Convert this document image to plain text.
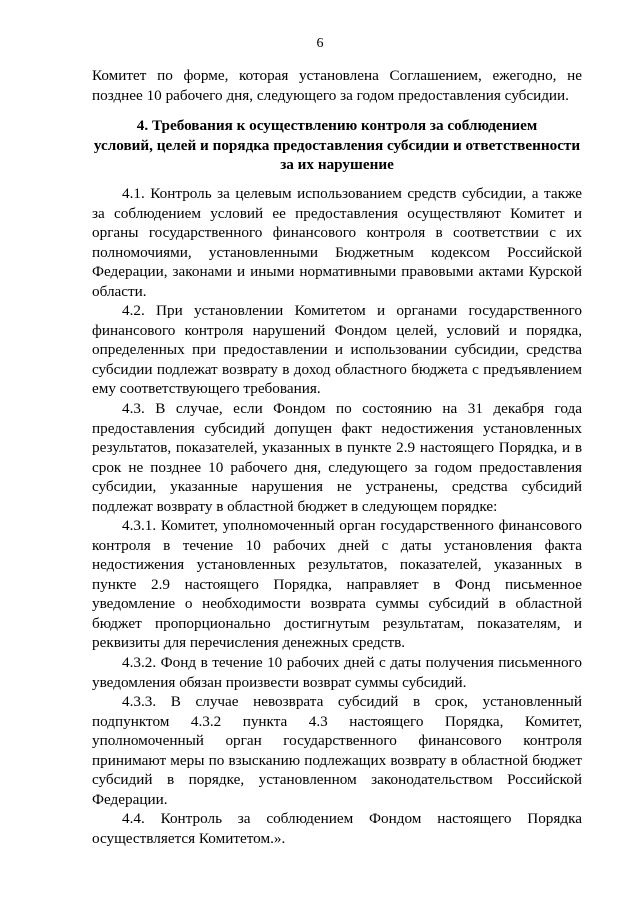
6
Комитет по форме, которая установлена Соглашением, ежегодно, не
позднее 10 рабочего дня, следующего за годом предоставления субсидии.
4. Требования к осуществлению контроля за соблюдением
условий, целей и порядка предоставления субсидии и ответственности
за их нарушение
4.1. Контроль за целевым использованием средств субсидии, а также
за соблюдением условий ее предоставления осуществляют Комитет и
органы государственного финансового контроля в соответствии с их
полномочиями, установленными Бюджетным кодексом Российской
Федерации, законами и иными нормативными правовыми актами Курской
области.
4.2. При установлении Комитетом и органами государственного
финансового контроля нарушений Фондом целей, условий и порядка,
определенных при предоставлении и использовании субсидии, средства
субсидии подлежат возврату в доход областного бюджета с предъявлением
ему соответствующего требования.
4.3. В случае, если Фондом по состоянию на 31 декабря года
предоставления субсидий допущен факт недостижения установленных
результатов, показателей, указанных в пункте 2.9 настоящего Порядка, и в
срок не позднее 10 рабочего дня, следующего за годом предоставления
субсидии, указанные нарушения не устранены, средства субсидий
подлежат возврату в областной бюджет в следующем порядке:
4.3.1. Комитет, уполномоченный орган государственного финансового
контроля в течение 10 рабочих дней с даты установления факта
недостижения установленных результатов, показателей, указанных в
пункте 2.9 настоящего Порядка, направляет в Фонд письменное
уведомление о необходимости возврата суммы субсидий в областной
бюджет пропорционально достигнутым результатам, показателям, и
реквизиты для перечисления денежных средств.
4.3.2. Фонд в течение 10 рабочих дней с даты получения письменного
уведомления обязан произвести возврат суммы субсидий.
4.3.3. В случае невозврата субсидий в срок, установленный
подпунктом 4.3.2 пункта 4.3 настоящего Порядка, Комитет,
уполномоченный орган государственного финансового контроля
принимают меры по взысканию подлежащих возврату в областной бюджет
субсидий в порядке, установленном законодательством Российской
Федерации.
4.4. Контроль за соблюдением Фондом настоящего Порядка
осуществляется Комитетом.».
